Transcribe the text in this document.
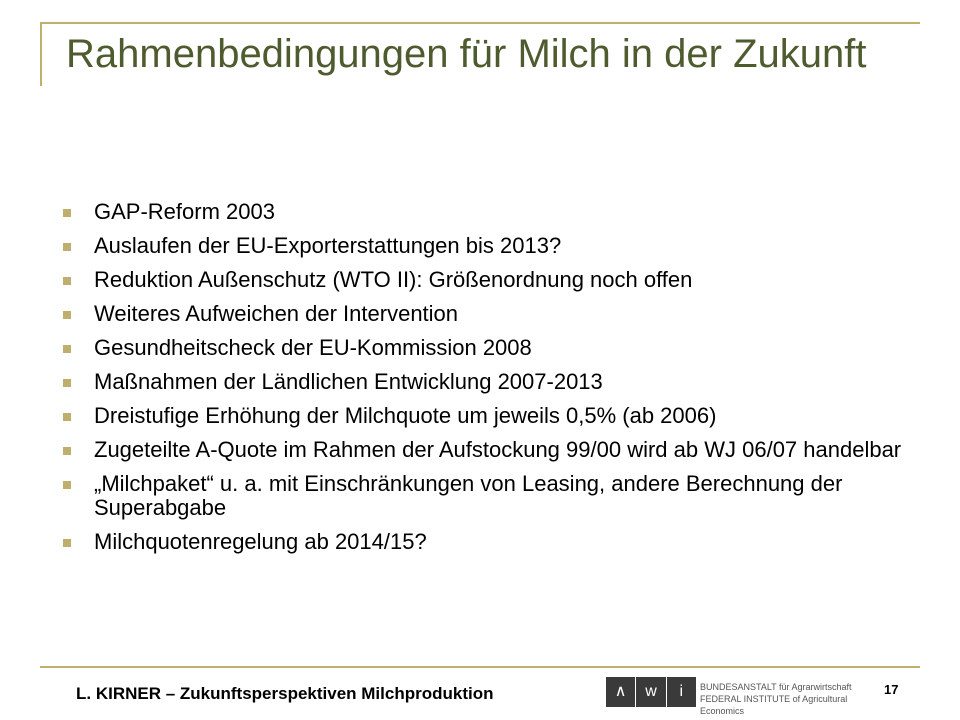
Rahmenbedingungen für Milch in der Zukunft
GAP-Reform 2003
Auslaufen der EU-Exporterstattungen bis 2013?
Reduktion Außenschutz (WTO II): Größenordnung noch offen
Weiteres Aufweichen der Intervention
Gesundheitscheck der EU-Kommission 2008
Maßnahmen der Ländlichen Entwicklung 2007-2013
Dreistufige Erhöhung der Milchquote um jeweils 0,5% (ab 2006)
Zugeteilte A-Quote im Rahmen der Aufstockung 99/00 wird ab WJ 06/07 handelbar
„Milchpaket“ u. a. mit Einschränkungen von Leasing, andere Berechnung der Superabgabe
Milchquotenregelung ab 2014/15?
L. KIRNER – Zukunftsperspektiven Milchproduktion	∧	w	i	BUNDESANSTALT für Agrarwirtschaft
FEDERAL INSTITUTE of Agricultural Economics
17
